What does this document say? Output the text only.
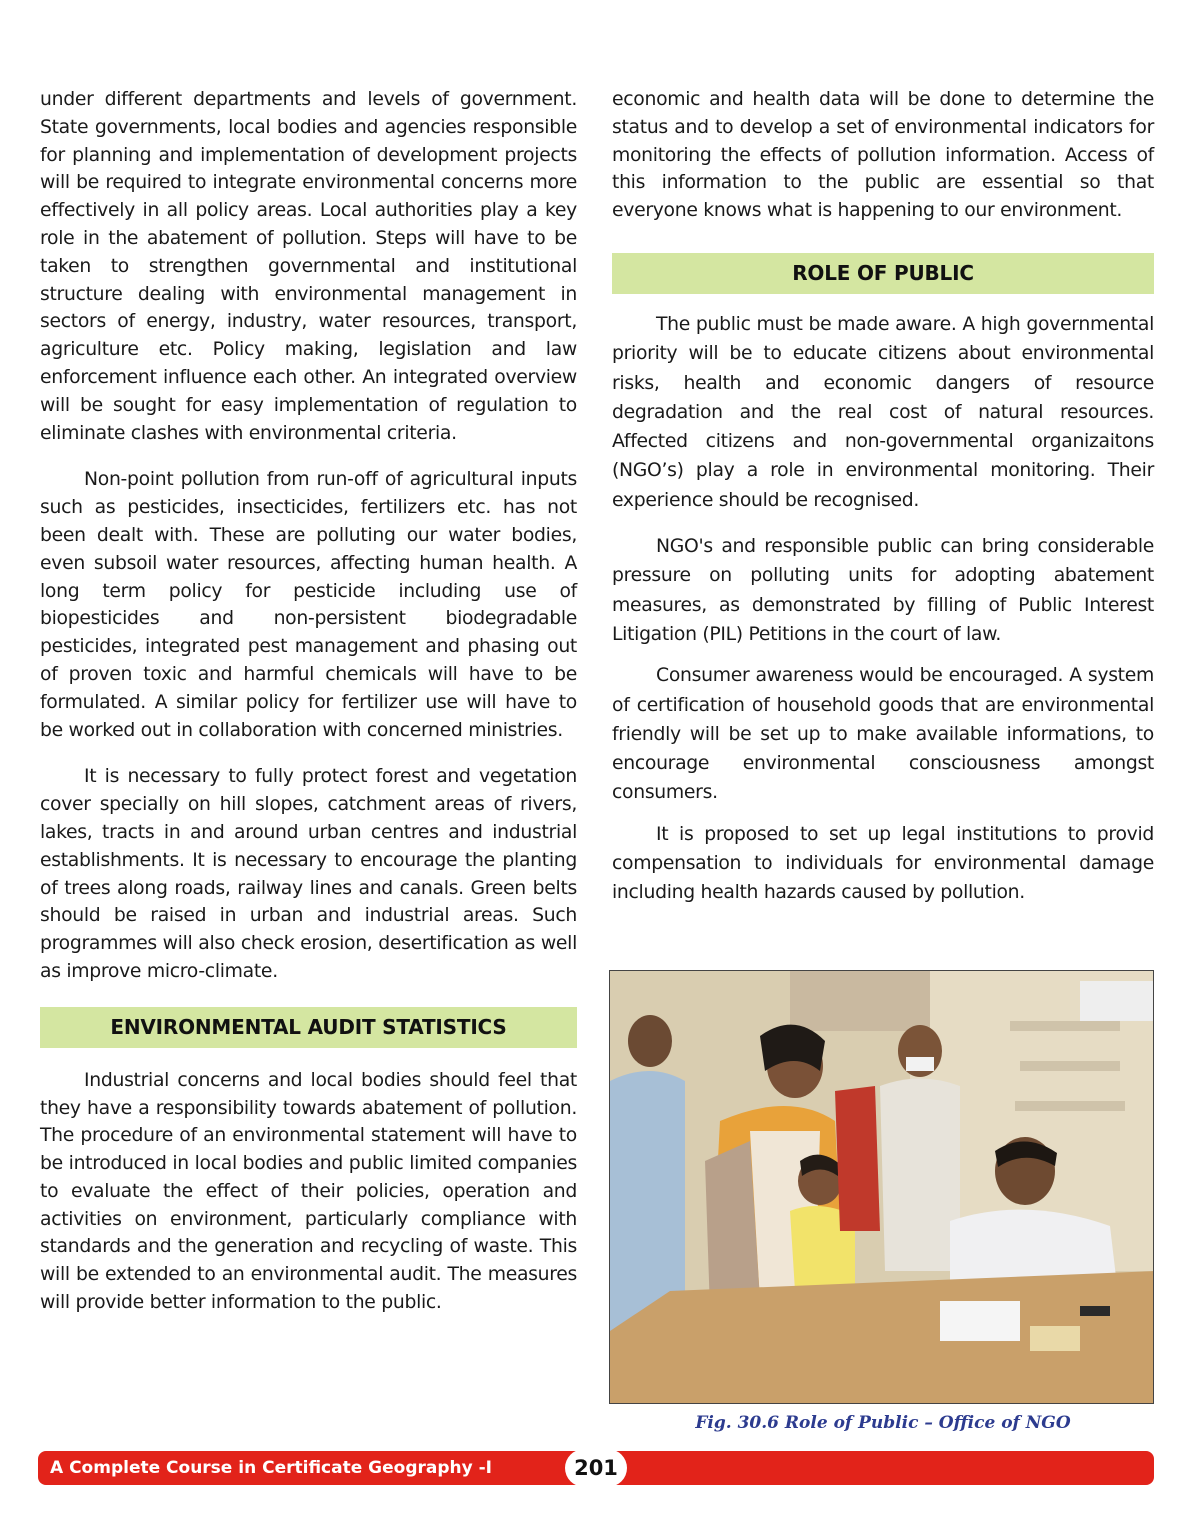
under different departments and levels of government. State governments, local bodies and agencies responsible for planning and implementation of development projects will be required to integrate environmental concerns more effectively in all policy areas. Local authorities play a key role in the abatement of pollution. Steps will have to be taken to strengthen governmental and institutional structure dealing with environmental management in sectors of energy, industry, water resources, transport, agriculture etc. Policy making, legislation and law enforcement influence each other. An integrated overview will be sought for easy implementation of regulation to eliminate clashes with environmental criteria.

Non-point pollution from run-off of agricultural inputs such as pesticides, insecticides, fertilizers etc. has not been dealt with. These are polluting our water bodies, even subsoil water resources, affecting human health. A long term policy for pesticide including use of biopesticides and non-persistent biodegradable pesticides, integrated pest management and phasing out of proven toxic and harmful chemicals will have to be formulated. A similar policy for fertilizer use will have to be worked out in collaboration with concerned ministries.

It is necessary to fully protect forest and vegetation cover specially on hill slopes, catchment areas of rivers, lakes, tracts in and around urban centres and industrial establishments. It is necessary to encourage the planting of trees along roads, railway lines and canals. Green belts should be raised in urban and industrial areas. Such programmes will also check erosion, desertification as well as improve micro-climate.

ENVIRONMENTAL AUDIT STATISTICS

Industrial concerns and local bodies should feel that they have a responsibility towards abatement of pollution. The procedure of an environmental statement will have to be introduced in local bodies and public limited companies to evaluate the effect of their policies, operation and activities on environment, particularly compliance with standards and the generation and recycling of waste. This will be extended to an environmental audit. The measures will provide better information to the public.

economic and health data will be done to determine the status and to develop a set of environmental indicators for monitoring the effects of pollution information. Access of this information to the public are essential so that everyone knows what is happening to our environment.

ROLE OF PUBLIC

The public must be made aware. A high governmental priority will be to educate citizens about environmental risks, health and economic dangers of resource degradation and the real cost of natural resources. Affected citizens and non-governmental organizaitons (NGO’s) play a role in environmental monitoring. Their experience should be recognised.

NGO's and responsible public can bring considerable pressure on polluting units for adopting abatement measures, as demonstrated by filling of Public Interest Litigation (PIL) Petitions in the court of law.

Consumer awareness would be encouraged. A system of certification of household goods that are environmental friendly will be set up to make available informations, to encourage environmental consciousness amongst consumers.

It is proposed to set up legal institutions to provid compensation to individuals for environmental damage including health hazards caused by pollution.

Fig. 30.6 Role of Public – Office of NGO
A Complete Course in Certificate Geography -I	201
